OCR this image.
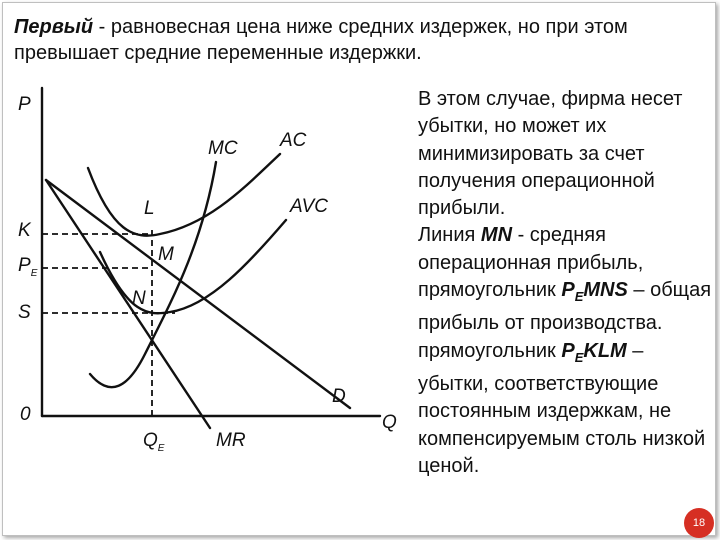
Первый - равновесная цена ниже средних издержек, но при этом превышает средние переменные издержки.
P
Q
0
K
$P_E$
S
$Q_E$
MC AC
AVC
D
MR
L
M
N

В этом случае, фирма несет убытки, но может их минимизировать за счет получения операционной прибыли.

Линия MN - средняя операционная прибыль, прямоугольник $P_EMNS$ – общая прибыль от производства.

прямоугольник $P_EKLM$ – убытки, соответствующие постоянным издержкам, не компенсируемым столь низкой ценой.

18
